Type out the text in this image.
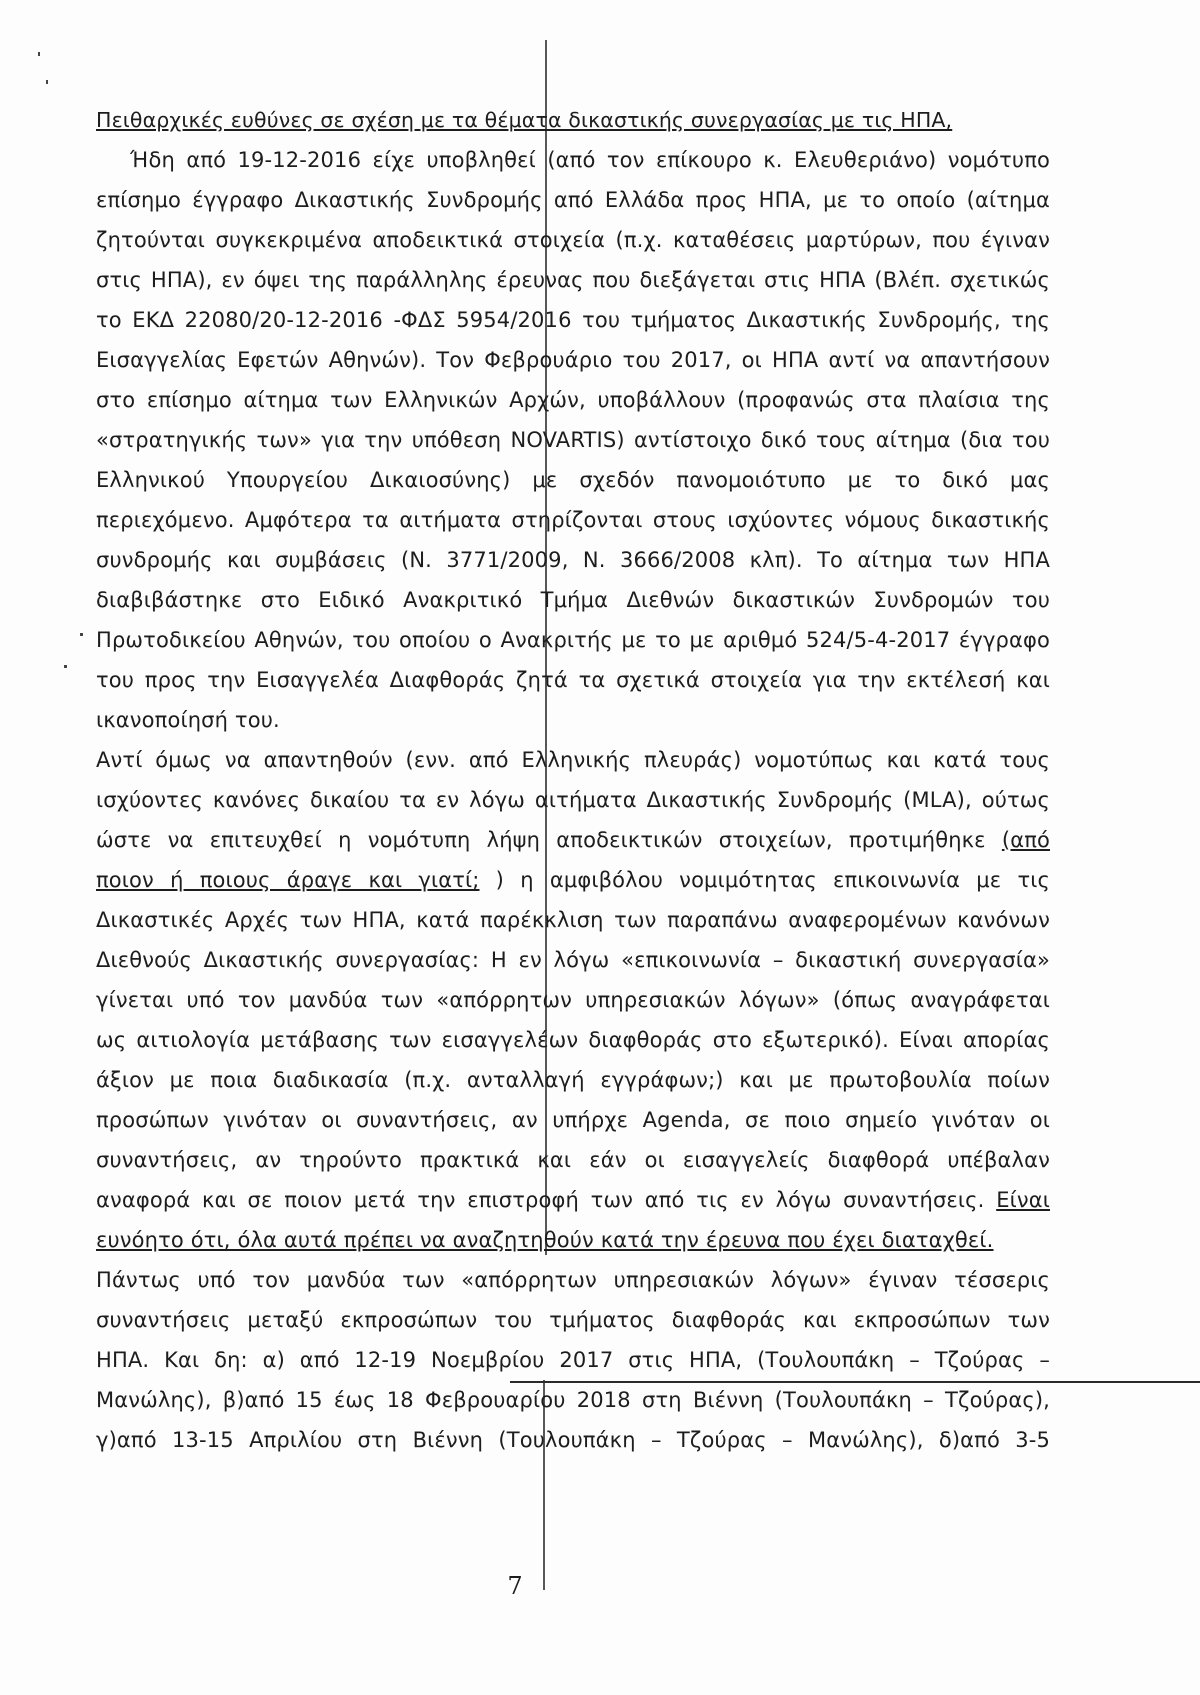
Πειθαρχικές ευθύνες σε σχέση με τα θέματα δικαστικής συνεργασίας με τις ΗΠΑ,
Ήδη από 19-12-2016 είχε υποβληθεί (από τον επίκουρο κ. Ελευθεριάνο) νομότυπο
επίσημο έγγραφο Δικαστικής Συνδρομής από Ελλάδα προς ΗΠΑ, με το οποίο (αίτημα
ζητούνται συγκεκριμένα αποδεικτικά στοιχεία (π.χ. καταθέσεις μαρτύρων, που έγιναν
στις ΗΠΑ), εν όψει της παράλληλης έρευνας που διεξάγεται στις ΗΠΑ (Βλέπ. σχετικώς
το ΕΚΔ 22080/20-12-2016 -ΦΔΣ 5954/2016 του τμήματος Δικαστικής Συνδρομής, της
Εισαγγελίας Εφετών Αθηνών). Τον Φεβρουάριο του 2017, οι ΗΠΑ αντί να απαντήσουν
στο επίσημο αίτημα των Ελληνικών Αρχών, υποβάλλουν (προφανώς στα πλαίσια της
«στρατηγικής των» για την υπόθεση NOVARTIS) αντίστοιχο δικό τους αίτημα (δια του
Ελληνικού Υπουργείου Δικαιοσύνης) με σχεδόν πανομοιότυπο με το δικό μας
περιεχόμενο. Αμφότερα τα αιτήματα στηρίζονται στους ισχύοντες νόμους δικαστικής
συνδρομής και συμβάσεις (Ν. 3771/2009, Ν. 3666/2008 κλπ). Το αίτημα των ΗΠΑ
διαβιβάστηκε στο Ειδικό Ανακριτικό Τμήμα Διεθνών δικαστικών Συνδρομών του
Πρωτοδικείου Αθηνών, του οποίου ο Ανακριτής με το με αριθμό 524/5-4-2017 έγγραφο
του προς την Εισαγγελέα Διαφθοράς ζητά τα σχετικά στοιχεία για την εκτέλεσή και
ικανοποίησή του.
Αντί όμως να απαντηθούν (ενν. από Ελληνικής πλευράς) νομοτύπως και κατά τους
ισχύοντες κανόνες δικαίου τα εν λόγω αιτήματα Δικαστικής Συνδρομής (MLA), ούτως
ώστε να επιτευχθεί η νομότυπη λήψη αποδεικτικών στοιχείων, προτιμήθηκε (από
ποιον ή ποιους άραγε και γιατί; ) η αμφιβόλου νομιμότητας επικοινωνία με τις
Δικαστικές Αρχές των ΗΠΑ, κατά παρέκκλιση των παραπάνω αναφερομένων κανόνων
Διεθνούς Δικαστικής συνεργασίας: Η εν λόγω «επικοινωνία – δικαστική συνεργασία»
γίνεται υπό τον μανδύα των «απόρρητων υπηρεσιακών λόγων» (όπως αναγράφεται
ως αιτιολογία μετάβασης των εισαγγελέων διαφθοράς στο εξωτερικό). Είναι απορίας
άξιον με ποια διαδικασία (π.χ. ανταλλαγή εγγράφων;) και με πρωτοβουλία ποίων
προσώπων γινόταν οι συναντήσεις, αν υπήρχε Agenda, σε ποιο σημείο γινόταν οι
συναντήσεις, αν τηρούντο πρακτικά και εάν οι εισαγγελείς διαφθορά υπέβαλαν
αναφορά και σε ποιον μετά την επιστροφή των από τις εν λόγω συναντήσεις. Είναι
ευνόητο ότι, όλα αυτά πρέπει να αναζητηθούν κατά την έρευνα που έχει διαταχθεί.
Πάντως υπό τον μανδύα των «απόρρητων υπηρεσιακών λόγων» έγιναν τέσσερις
συναντήσεις μεταξύ εκπροσώπων του τμήματος διαφθοράς και εκπροσώπων των
ΗΠΑ. Και δη: α) από 12-19 Νοεμβρίου 2017 στις ΗΠΑ, (Τουλουπάκη – Τζούρας –
Μανώλης), β)από 15 έως 18 Φεβρουαρίου 2018 στη Βιέννη (Τουλουπάκη – Τζούρας),
γ)από 13-15 Απριλίου στη Βιέννη (Τουλουπάκη – Τζούρας – Μανώλης), δ)από 3-5
7
